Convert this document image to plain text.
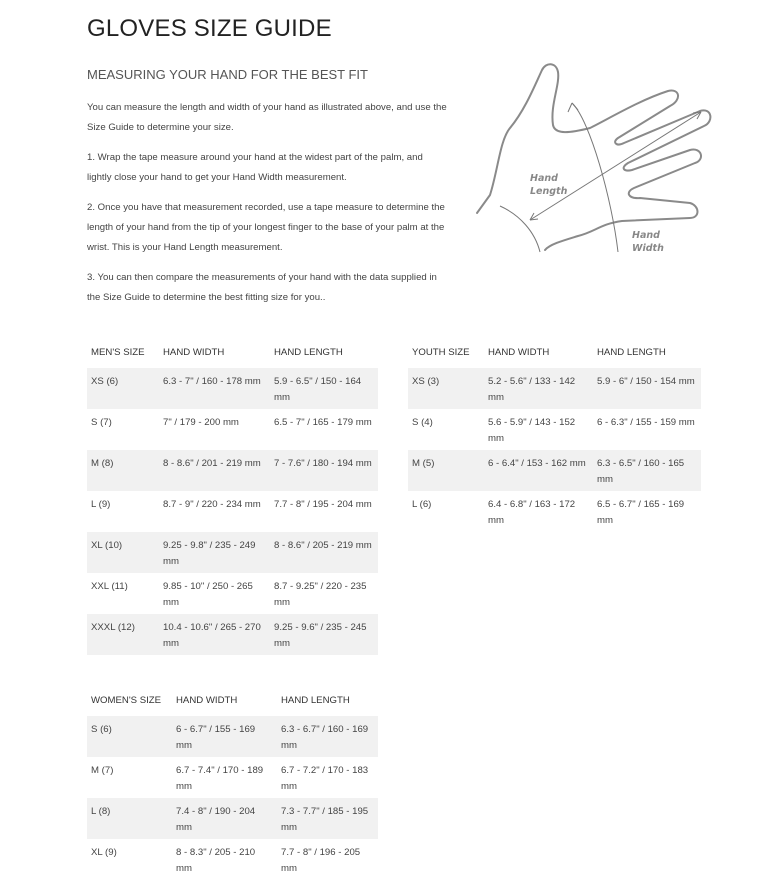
GLOVES SIZE GUIDE
MEASURING YOUR HAND FOR THE BEST FIT

You can measure the length and width of your hand as illustrated above, and use the Size Guide to determine your size.

1. Wrap the tape measure around your hand at the widest part of the palm, and lightly close your hand to get your Hand Width measurement.

2. Once you have that measurement recorded, use a tape measure to determine the length of your hand from the tip of your longest finger to the base of your palm at the wrist. This is your Hand Length measurement.

3. You can then compare the measurements of your hand with the data supplied in the Size Guide to determine the best fitting size for you..

Hand
Length
Hand
Width
MEN'S SIZE	HAND WIDTH	HAND LENGTH
XS (6)	6.3 - 7" / 160 - 178 mm	5.9 - 6.5" / 150 - 164 mm
S (7)	7" / 179 - 200 mm	6.5 - 7" / 165 - 179 mm
M (8)	8 - 8.6" / 201 - 219 mm	7 - 7.6" / 180 - 194 mm
L (9)	8.7 - 9" / 220 - 234 mm	7.7 - 8" / 195 - 204 mm
XL (10)	9.25 - 9.8" / 235 - 249 mm	8 - 8.6" / 205 - 219 mm
XXL (11)	9.85 - 10" / 250 - 265 mm	8.7 - 9.25" / 220 - 235 mm
XXXL (12)	10.4 - 10.6" / 265 - 270 mm	9.25 - 9.6" / 235 - 245 mm
YOUTH SIZE	HAND WIDTH	HAND LENGTH
XS (3)	5.2 - 5.6" / 133 - 142 mm	5.9 - 6" / 150 - 154 mm
S (4)	5.6 - 5.9" / 143 - 152 mm	6 - 6.3" / 155 - 159 mm
M (5)	6 - 6.4" / 153 - 162 mm	6.3 - 6.5" / 160 - 165 mm
L (6)	6.4 - 6.8" / 163 - 172 mm	6.5 - 6.7" / 165 - 169 mm
WOMEN'S SIZE	HAND WIDTH	HAND LENGTH
S (6)	6 - 6.7" / 155 - 169 mm	6.3 - 6.7" / 160 - 169 mm
M (7)	6.7 - 7.4" / 170 - 189 mm	6.7 - 7.2" / 170 - 183 mm
L (8)	7.4 - 8" / 190 - 204 mm	7.3 - 7.7" / 185 - 195 mm
XL (9)	8 - 8.3" / 205 - 210 mm	7.7 - 8" / 196 - 205 mm
